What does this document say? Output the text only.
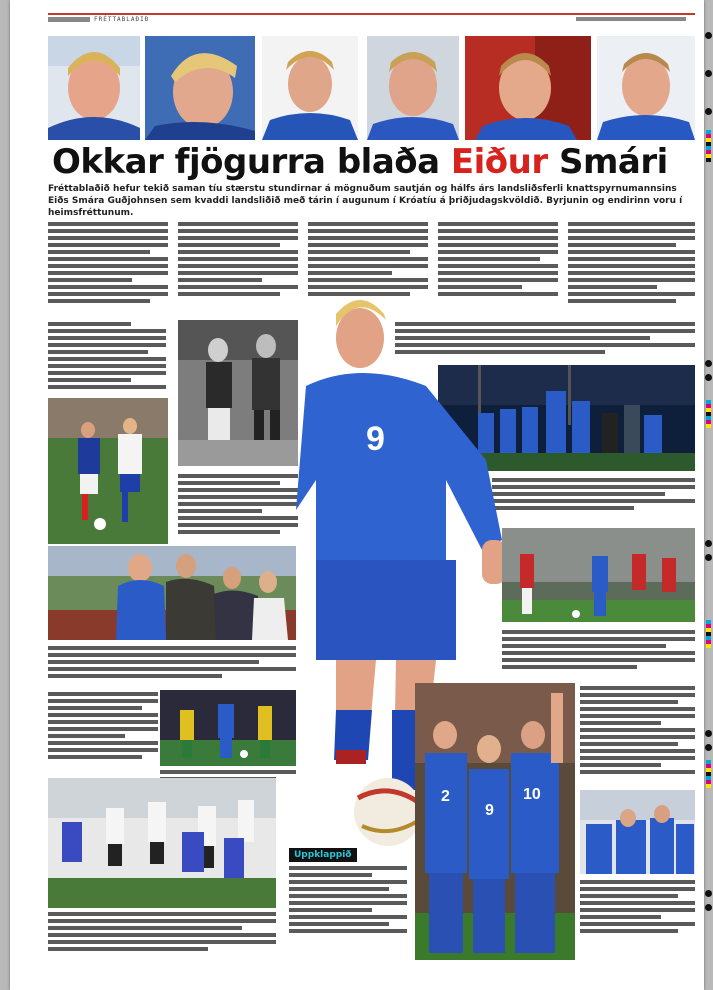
FRÉTTABLAÐIÐ
Okkar fjögurra blaða Eiður Smári
Fréttablaðið hefur tekið saman tíu stærstu stundirnar á mögnuðum sautján og hálfs árs landsliðsferli knattspyrnumannsins Eiðs Smára Guðjohnsen sem kvaddi landsliðið með tárin í augunum í Króatíu á þriðjudagskvöldið. Byrjunin og endirinn voru í heimsfréttunum.
9
2
9
10
Uppklappið
